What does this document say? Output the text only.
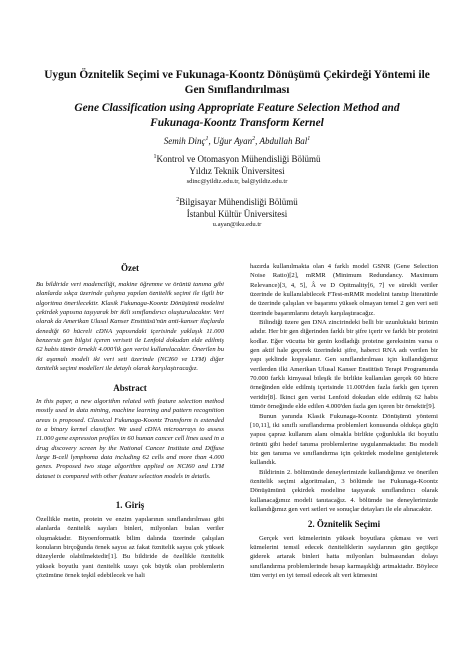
Uygun Öznitelik Seçimi ve Fukunaga-Koontz Dönüşümü Çekirdeği Yöntemi ile
Gen Sınıflandırılması
Gene Classification using Appropriate Feature Selection Method and
Fukunaga-Koontz Transform Kernel
Semih Dinç$^1$, Uğur Ayan$^2$, Abdullah Bal$^1$
$^1$Kontrol ve Otomasyon Mühendisliği Bölümü
Yıldız Teknik Üniversitesi
sdinc@yildiz.edu.tr, bal@yildiz.edu.tr
$^2$Bilgisayar Mühendisliği Bölümü
İstanbul Kültür Üniversitesi
u.ayan@iku.edu.tr
Özet
Bu bildiride veri madenciliği, makine öğrenme ve örüntü tanıma gibi alanlarda sıkça üzerinde çalışma yapılan öznitelik seçimi ile ilgili bir algoritma önerilecektir. Klasik Fukunaga-Koontz Dönüşümü modelini çekirdek yapısına taşıyarak bir ikili sınıflandırıcı oluşturulacaktır. Veri olarak da Amerikan Ulusal Kanser Enstitüsü'nün anti-kanser ilaçlarda denediği 60 hücreli cDNA yapısındaki içerisinde yaklaşık 11.000 benzersiz gen bilgisi içeren veriseti ile Lenfoid dokudan elde edilmiş 62 habis tümör örnekli 4.000'lik gen verisi kullanılacaktır. Önerilen bu iki aşamalı modeli iki veri seti üzerinde (NCI60 ve LYM) diğer öznitelik seçimi modelleri ile detaylı olarak karşılaştıracağız.
Abstract
In this paper, a new algorithm related with feature selection method mostly used in data mining, machine learning and pattern recognition areas is proposed. Classical Fukunaga-Koontz Transform is extended to a binary kernel classifier. We used cDNA microarrays to assess 11.000 gene expression profiles in 60 human cancer cell lines used in a drug discovery screen by the National Cancer Institute and Diffuse large B-cell lymphoma data including 62 cells and more than 4.000 genes. Proposed two stage algorithm applied on NCI60 and LYM dataset is compared with other feature selection models in details.
1. Giriş
Özellikle metin, protein ve enzim yapılarının sınıflandırılması gibi alanlarda öznitelik sayıları binleri, milyonları bulan veriler oluşmaktadır. Biyoenformatik bilim dalında üzerinde çalışılan konuların birçoğunda örnek sayısı az fakat öznitelik sayısı çok yüksek düzeylerde olabilmektedir[1]. Bu bildiride de özellikle öznitelik yüksek boyutlu yani öznitelik uzayı çok büyük olan problemlerin çözümüne örnek teşkil edebilecek ve hali

hazırda kullanılmakta olan 4 farklı model GSNR (Gene Selection Noise Ratio)[2], mRMR (Minimum Redundancy. Maximum Relevance)[3, 4, 5], Â ve D Opitmality[6, 7] ve sürekli veriler üzerinde de kullanılabilecek FTest-mRMR modelini tanıtıp literatürde de üzerinde çalışılan ve başarımı yüksek olmayan temel 2 gen veri seti üzerinde başarımlarını detaylı karşılaştıracağız.

Bilindiği üzere gen DNA zincirindeki belli bir uzunluktaki birimin adıdır. Her bir gen diğerinden farklı bir şifre içerir ve farklı bir proteini kodlar. Eğer vücutta bir genin kodladığı proteine gereksinim varsa o gen aktif hale geçerek üzerindeki şifre, haberci RNA adı verilen bir yapı şeklinde kopyalanır. Gen sınıflandırılması için kullandığımız verilerden ilki Amerikan Ulusal Kanser Enstitüsü Terapi Programında 70.000 farklı kimyasal bileşik ile birlikte kullanılan gerçek 60 hücre örneğinden elde edilmiş içerisinde 11.000'den fazla farklı gen içeren veridir[8]. İkinci gen verisi Lenfoid dokudan elde edilmiş 62 habis tümör örneğinde elde edilen 4.000'den fazla gen içeren bir örnektir[9].

Bunun yanında Klasik Fukunaga-Koontz Dönüşümü yöntemi [10,11], iki sınıflı sınıflandırma problemleri konusunda oldukça güçlü yapısı çapraz kullanım alanı olmakla birlikte çoğunlukla iki boyutlu örüntü gibi hedef tanıma problemlerine uygulanmaktadır. Bu modeli biz gen tanıma ve sınıflandırma için çekirdek modeline genişleterek kullandık.

Bildirinin 2. bölümünde deneylerimizde kullandığımız ve önerilen öznitelik seçimi algoritmaları, 3 bölümde ise Fukunaga-Koontz Dönüşümünü çekirdek modeline taşıyarak sınıflandırıcı olarak kullanacağımız modeli tanıtacağız. 4. bölümde ise deneylerimizde kullandığımız gen veri setleri ve sonuçlar detayları ile ele alınacaktır.

2. Öznitelik Seçimi

Gerçek veri kümelerinin yüksek boyutlara çıkması ve veri kümelerini temsil edecek özniteliklerin sayılarının gün geçtikçe giderek artarak binleri hatta milyonları bulmasından dolayı sınıflandırma problemlerinde hesap karmaşıklığı artmaktadır. Böylece tüm veriyi en iyi temsil edecek alt veri kümesini
